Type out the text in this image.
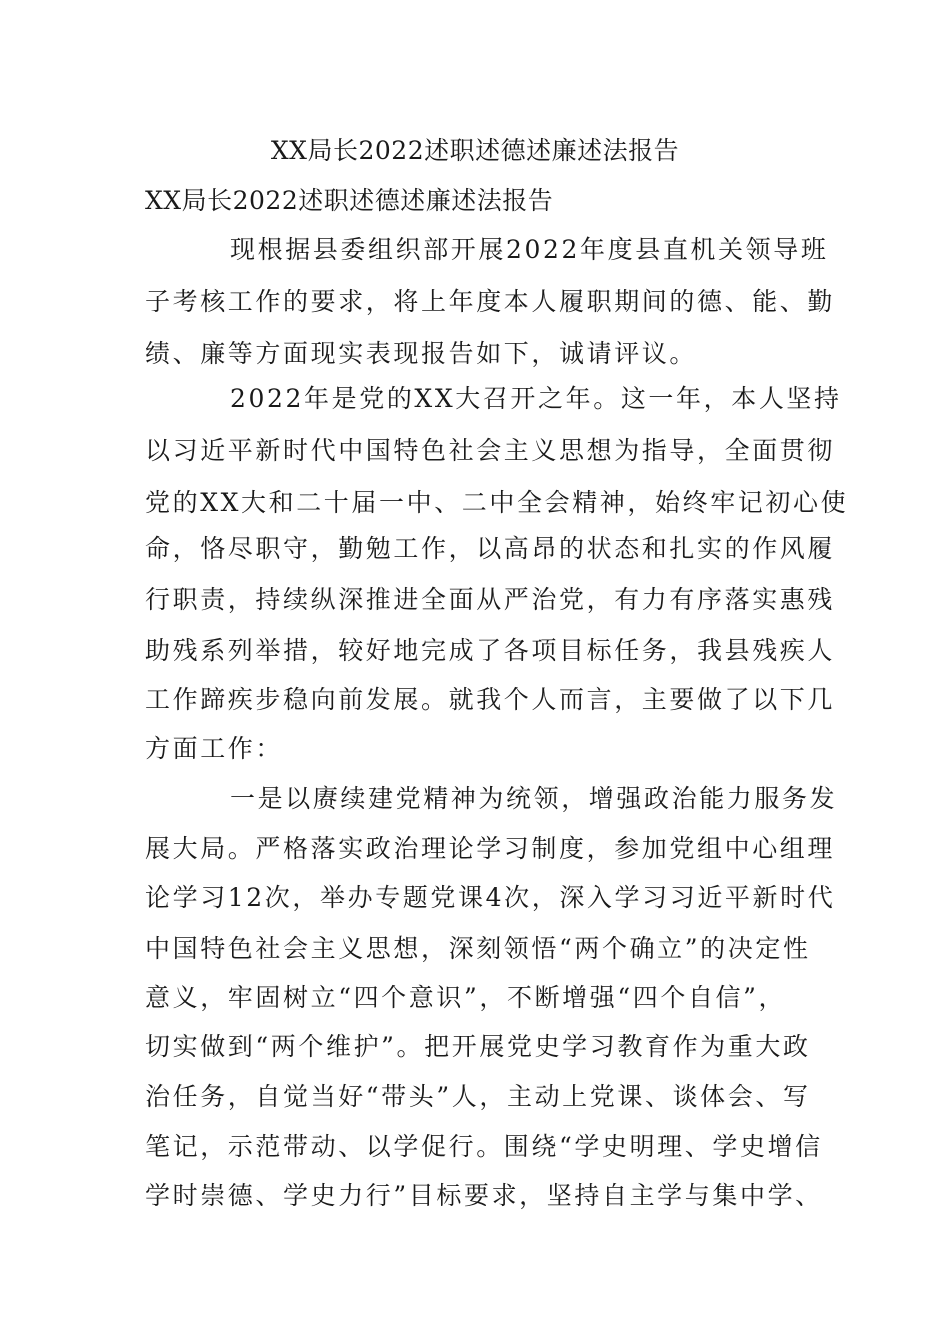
XX局长2022述职述德述廉述法报告
XX局长2022述职述德述廉述法报告
现根据县委组织部开展2022年度县直机关领导班
子考核工作的要求，将上年度本人履职期间的德、能、勤
绩、廉等方面现实表现报告如下，诚请评议。
2022年是党的XX大召开之年。这一年，本人坚持
以习近平新时代中国特色社会主义思想为指导，全面贯彻
党的XX大和二十届一中、二中全会精神，始终牢记初心使
命，恪尽职守，勤勉工作，以高昂的状态和扎实的作风履
行职责，持续纵深推进全面从严治党，有力有序落实惠残
助残系列举措，较好地完成了各项目标任务，我县残疾人
工作蹄疾步稳向前发展。就我个人而言，主要做了以下几
方面工作：
一是以赓续建党精神为统领，增强政治能力服务发
展大局。严格落实政治理论学习制度，参加党组中心组理
论学习12次，举办专题党课4次，深入学习习近平新时代
中国特色社会主义思想，深刻领悟“两个确立”的决定性
意义，牢固树立“四个意识”，不断增强“四个自信”，
切实做到“两个维护”。把开展党史学习教育作为重大政
治任务，自觉当好“带头”人，主动上党课、谈体会、写
笔记，示范带动、以学促行。围绕“学史明理、学史增信
学时崇德、学史力行”目标要求，坚持自主学与集中学、
